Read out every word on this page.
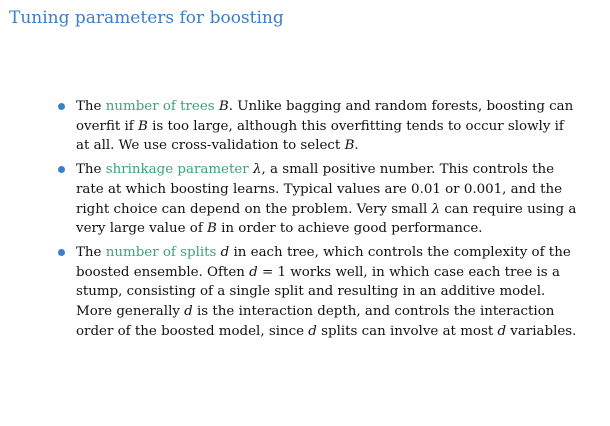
Tuning parameters for boosting
The number of trees B. Unlike bagging and random forests, boosting can overfit if B is too large, although this overfitting tends to occur slowly if at all. We use cross-validation to select B.
The shrinkage parameter λ, a small positive number. This controls the rate at which boosting learns. Typical values are 0.01 or 0.001, and the right choice can depend on the problem. Very small λ can require using a very large value of B in order to achieve good performance.
The number of splits d in each tree, which controls the complexity of the boosted ensemble. Often d = 1 works well, in which case each tree is a stump, consisting of a single split and resulting in an additive model. More generally d is the interaction depth, and controls the interaction order of the boosted model, since d splits can involve at most d variables.
